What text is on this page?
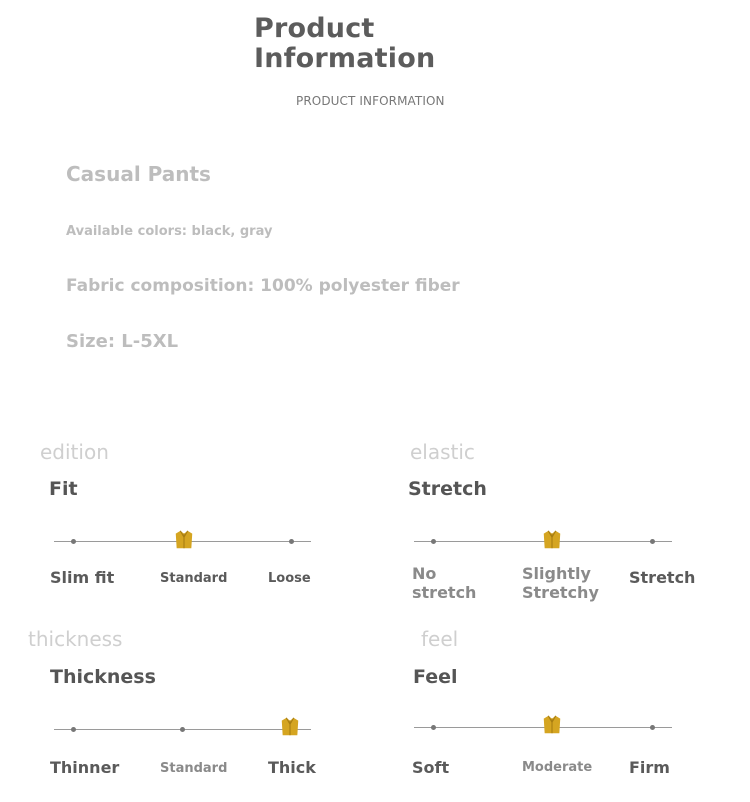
Product
Information
PRODUCT INFORMATION
Casual Pants
Available colors: black, gray
Fabric composition: 100% polyester fiber
Size: L-5XL
edition
Fit
Slim fit	Standard	Loose
elastic
Stretch
No
stretch
Slightly
Stretchy
Stretch
thickness
Thickness
Thinner	Standard	Thick
feel
Feel
Soft	Moderate Firm
